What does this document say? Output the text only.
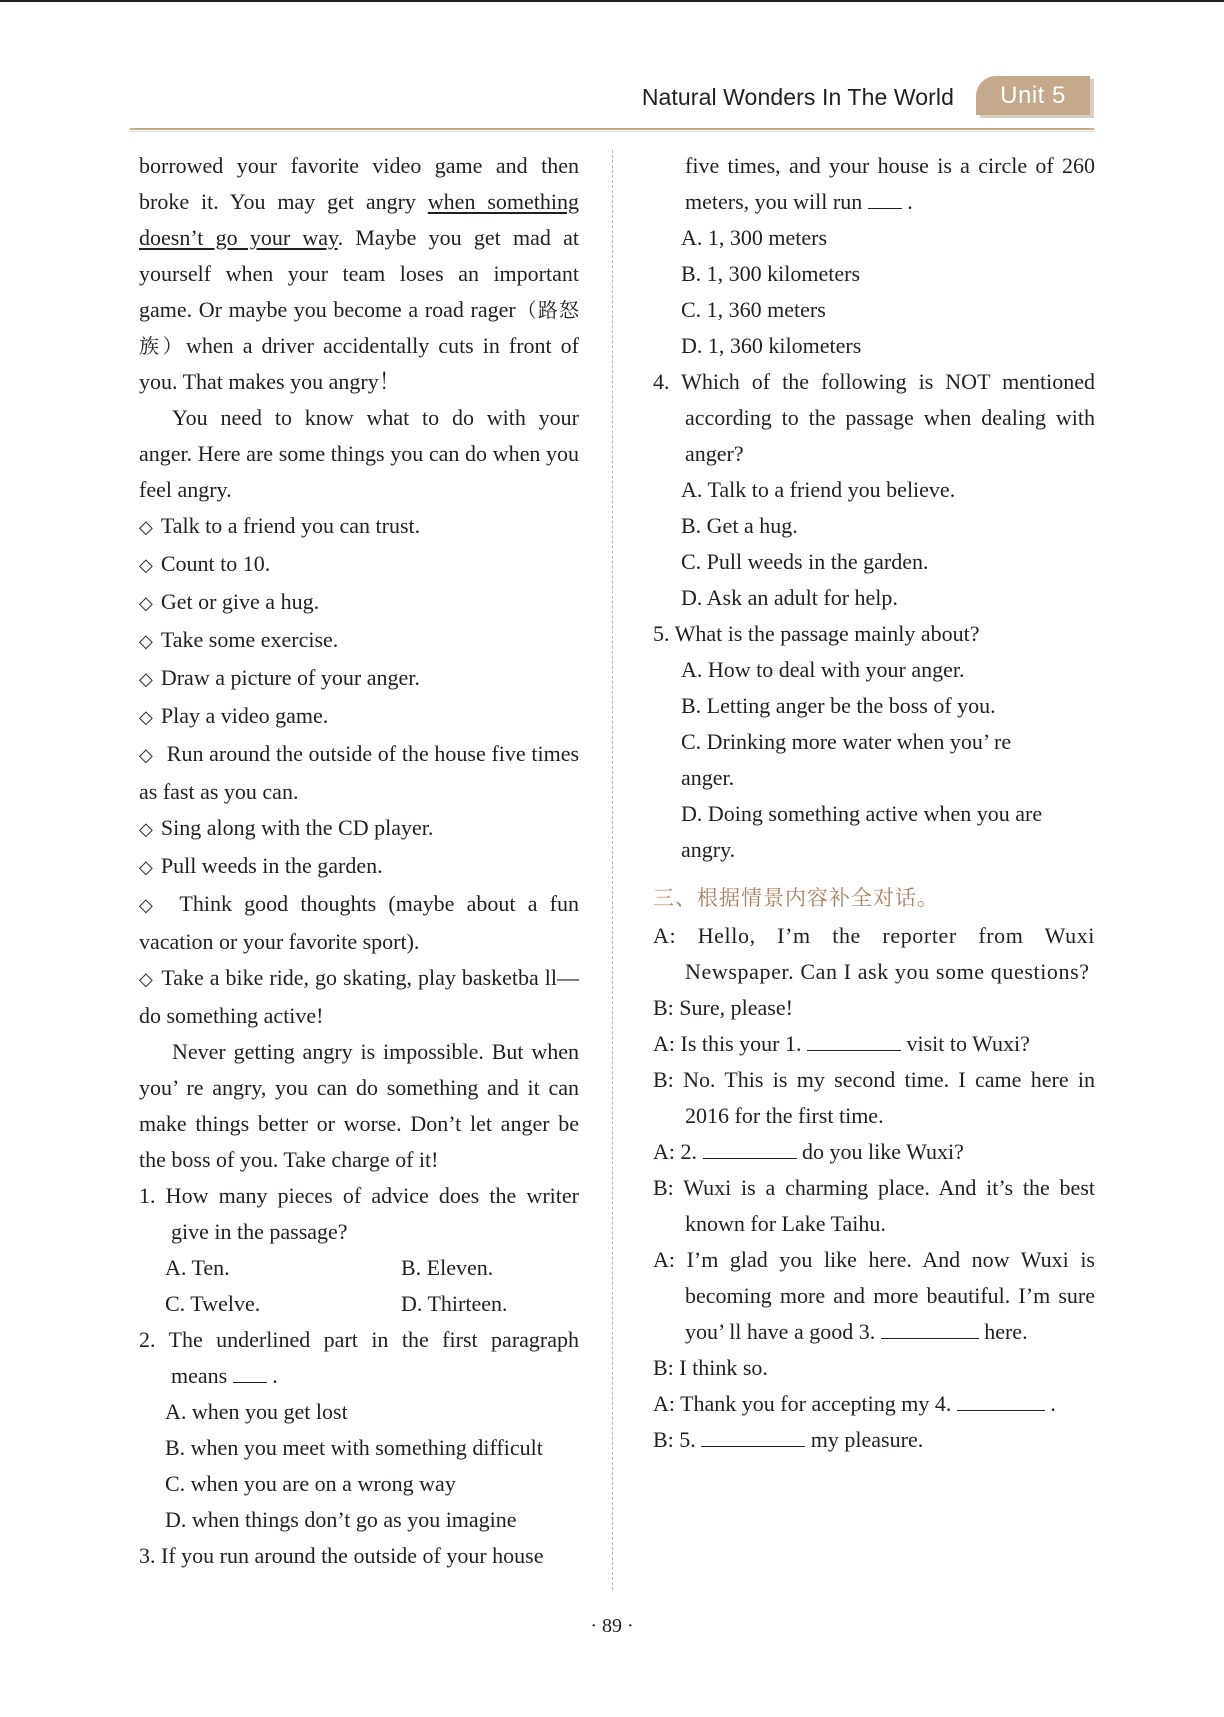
Natural Wonders In The World Unit 5

borrowed your favorite video game and then broke it. You may get angry when something doesn’t go your way. Maybe you get mad at yourself when your team loses an important game. Or maybe you become a road rager（路怒族）when a driver accidentally cuts in front of you. That makes you angry！

You need to know what to do with your anger. Here are some things you can do when you feel angry.

◇ Talk to a friend you can trust.

◇ Count to 10.

◇ Get or give a hug.

◇ Take some exercise.

◇ Draw a picture of your anger.

◇ Play a video game.

◇ Run around the outside of the house five times as fast as you can.

◇ Sing along with the CD player.

◇ Pull weeds in the garden.

◇ Think good thoughts (maybe about a fun vacation or your favorite sport).

◇ Take a bike ride, go skating, play basketba ll— do something active!

Never getting angry is impossible. But when you’ re angry, you can do something and it can make things better or worse. Don’t let anger be the boss of you. Take charge of it!

1. How many pieces of advice does the writer give in the passage?

A. Ten.	B. Eleven.
C. Twelve.	D. Thirteen.

2. The underlined part in the first paragraph means .

A. when you get lost

B. when you meet with something difficult

C. when you are on a wrong way

D. when things don’t go as you imagine

3. If you run around the outside of your house

five times, and your house is a circle of 260 meters, you will run .

A. 1, 300 meters

B. 1, 300 kilometers

C. 1, 360 meters

D. 1, 360 kilometers

4. Which of the following is NOT mentioned according to the passage when dealing with anger?

A. Talk to a friend you believe.

B. Get a hug.

C. Pull weeds in the garden.

D. Ask an adult for help.

5. What is the passage mainly about?

A. How to deal with your anger.

B. Letting anger be the boss of you.

C. Drinking more water when you’ re anger.

D. Doing something active when you are angry.

三、根据情景内容补全对话。

A: Hello, I’m the reporter from Wuxi Newspaper. Can I ask you some questions?

B: Sure, please!

A: Is this your 1.	visit to Wuxi?

B: No. This is my second time. I came here in 2016 for the first time.

A: 2.	do you like Wuxi?

B: Wuxi is a charming place. And it’s the best known for Lake Taihu.

A: I’m glad you like here. And now Wuxi is becoming more and more beautiful. I’m sure you’ ll have a good 3.	here.

B: I think so.

A: Thank you for accepting my 4.	.

B: 5.	my pleasure.

· 89 ·
